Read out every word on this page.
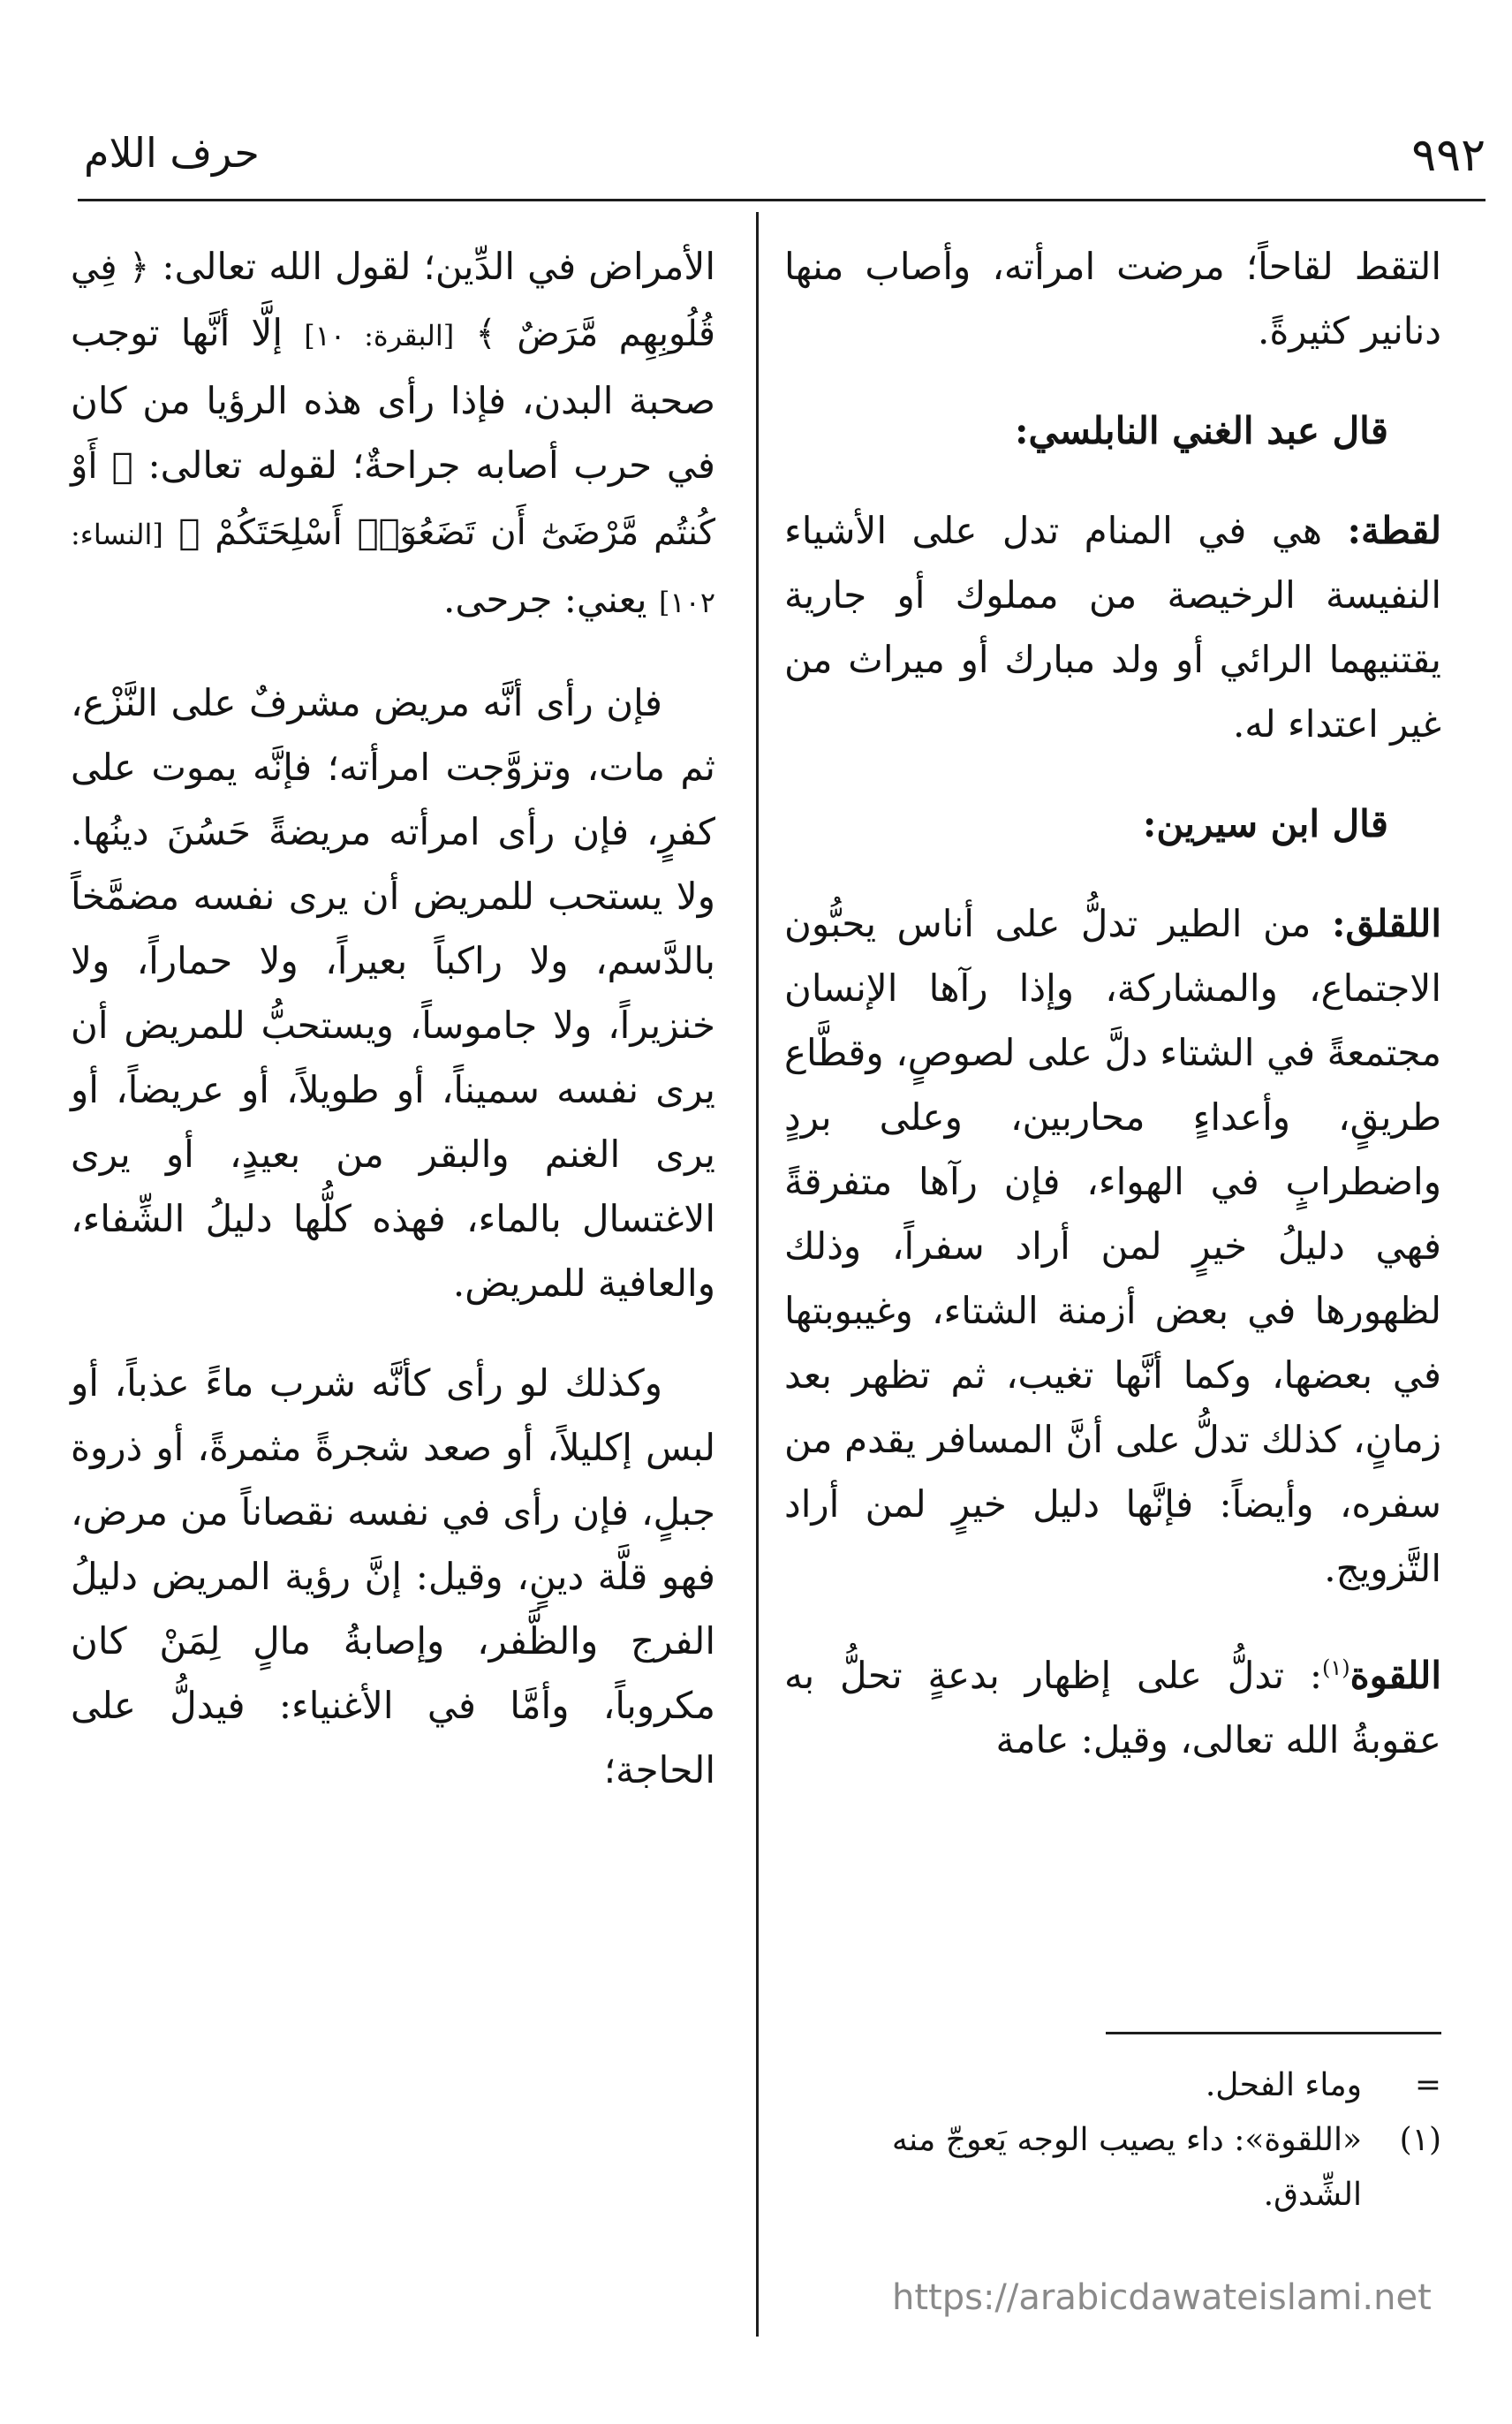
٩٩٢
حرف اللام

التقط لقاحاً؛ مرضت امرأته، وأصاب منها دنانير كثيرةً.

قال عبد الغني النابلسي:

لقطة: هي في المنام تدل على الأشياء النفيسة الرخيصة من مملوك أو جارية يقتنيهما الرائي أو ولد مبارك أو ميراث من غير اعتداء له.

قال ابن سيرين:

اللقلق: من الطير تدلُّ على أناس يحبُّون الاجتماع، والمشاركة، وإذا رآها الإنسان مجتمعةً في الشتاء دلَّ على لصوصٍ، وقطَّاع طريقٍ، وأعداءٍ محاربين، وعلى بردٍ واضطرابٍ في الهواء، فإن رآها متفرقةً فهي دليلُ خيرٍ لمن أراد سفراً، وذلك لظهورها في بعض أزمنة الشتاء، وغيبوبتها في بعضها، وكما أنَّها تغيب، ثم تظهر بعد زمانٍ، كذلك تدلُّ على أنَّ المسافر يقدم من سفره، وأيضاً: فإنَّها دليل خيرٍ لمن أراد التَّزويج.

اللقوة$^{(١)}$: تدلُّ على إظهار بدعةٍ تحلُّ به عقوبةُ الله تعالى، وقيل: عامة

الأمراض في الدِّين؛ لقول الله تعالى: ﴿ فِي قُلُوبِهِم مَّرَضٌ ﴾ [البقرة: ١٠] إلَّا أنَّها توجب صحبة البدن، فإذا رأى هذه الرؤيا من كان في حرب أصابه جراحةٌ؛ لقوله تعالى: ﴿ أَوْ كُنتُم مَّرْضَىٰٓ أَن تَضَعُوٓا۟ أَسْلِحَتَكُمْ ﴾ [النساء: ١٠٢] يعني: جرحى.

فإن رأى أنَّه مريض مشرفٌ على النَّزْع، ثم مات، وتزوَّجت امرأته؛ فإنَّه يموت على كفرٍ، فإن رأى امرأته مريضةً حَسُنَ دينُها. ولا يستحب للمريض أن يرى نفسه مضمَّخاً بالدَّسم، ولا راكباً بعيراً، ولا حماراً، ولا خنزيراً، ولا جاموساً، ويستحبُّ للمريض أن يرى نفسه سميناً، أو طويلاً، أو عريضاً، أو يرى الغنم والبقر من بعيدٍ، أو يرى الاغتسال بالماء، فهذه كلُّها دليلُ الشِّفاء، والعافية للمريض.

وكذلك لو رأى كأنَّه شرب ماءً عذباً، أو لبس إكليلاً، أو صعد شجرةً مثمرةً، أو ذروة جبلٍ، فإن رأى في نفسه نقصاناً من مرض، فهو قلَّة دينٍ، وقيل: إنَّ رؤية المريض دليلُ الفرج والظَّفر، وإصابةُ مالٍ لِمَنْ كان مكروباً، وأمَّا في الأغنياء: فيدلُّ على الحاجة؛

=
وماء الفحل.
(١)
«اللقوة»: داء يصيب الوجه يَعوجّ منه الشِّدق.
https://arabicdawateislami.net
